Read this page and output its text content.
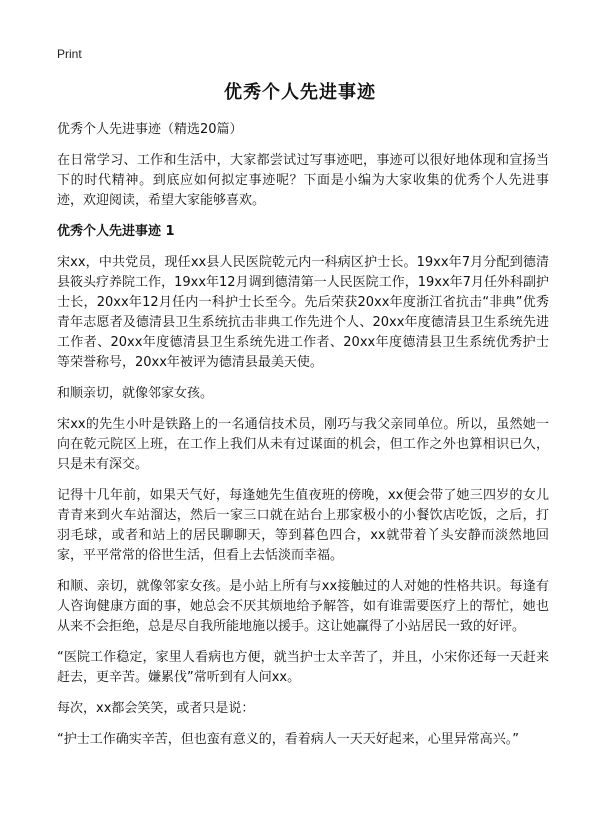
Print
优秀个人先进事迹

优秀个人先进事迹（精选20篇）

在日常学习、工作和生活中，大家都尝试过写事迹吧，事迹可以很好地体现和宣扬当下的时代精神。到底应如何拟定事迹呢？下面是小编为大家收集的优秀个人先进事迹，欢迎阅读，希望大家能够喜欢。

优秀个人先进事迹 1

宋xx，中共党员，现任xx县人民医院乾元内一科病区护士长。19xx年7月分配到德清县筱头疗养院工作，19xx年12月调到德清第一人民医院工作，19xx年7月任外科副护士长，20xx年12月任内一科护士长至今。先后荣获20xx年度浙江省抗击“非典”优秀青年志愿者及德清县卫生系统抗击非典工作先进个人、20xx年度德清县卫生系统先进工作者、20xx年度德清县卫生系统先进工作者、20xx年度德清县卫生系统优秀护士等荣誉称号，20xx年被评为德清县最美天使。

和顺亲切，就像邻家女孩。

宋xx的先生小叶是铁路上的一名通信技术员，刚巧与我父亲同单位。所以，虽然她一向在乾元院区上班，在工作上我们从未有过谋面的机会，但工作之外也算相识已久，只是未有深交。

记得十几年前，如果天气好，每逢她先生值夜班的傍晚，xx便会带了她三四岁的女儿青青来到火车站溜达，然后一家三口就在站台上那家极小的小餐饮店吃饭，之后，打羽毛球，或者和站上的居民聊聊天，等到暮色四合，xx就带着丫头安静而淡然地回家，平平常常的俗世生活，但看上去恬淡而幸福。

和顺、亲切，就像邻家女孩。是小站上所有与xx接触过的人对她的性格共识。每逢有人咨询健康方面的事，她总会不厌其烦地给予解答，如有谁需要医疗上的帮忙，她也从来不会拒绝，总是尽自我所能地施以援手。这让她赢得了小站居民一致的好评。

“医院工作稳定，家里人看病也方便，就当护士太辛苦了，并且，小宋你还每一天赶来赶去，更辛苦。嫌累伐”常听到有人问xx。

每次，xx都会笑笑，或者只是说：

“护士工作确实辛苦，但也蛮有意义的，看着病人一天天好起来，心里异常高兴。”
